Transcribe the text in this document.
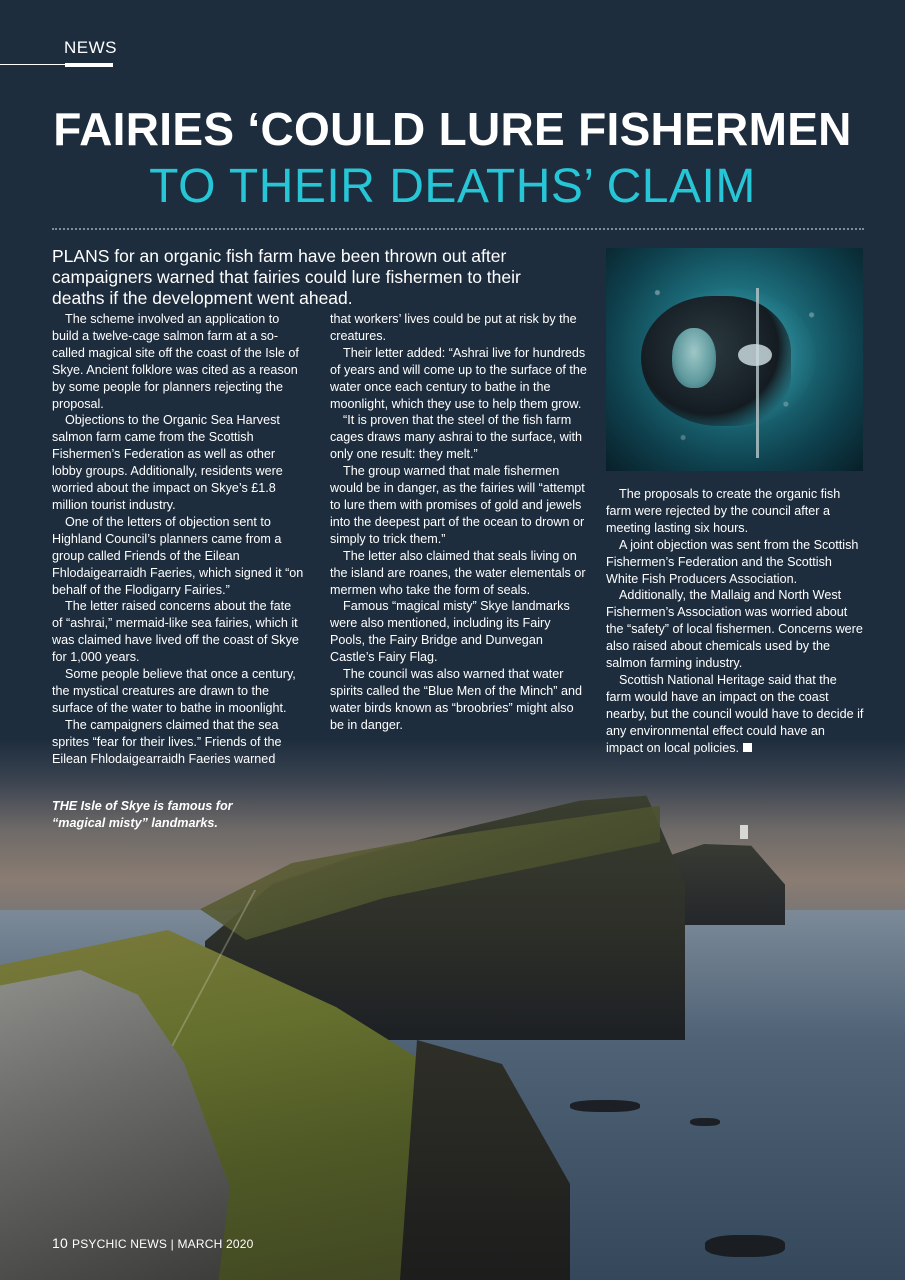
NEWS
FAIRIES ‘COULD LURE FISHERMEN
TO THEIR DEATHS’ CLAIM
PLANS for an organic fish farm have been thrown out after campaigners warned that fairies could lure fishermen to their deaths if the development went ahead.

The scheme involved an application to build a twelve-cage salmon farm at a so-called magical site off the coast of the Isle of Skye. Ancient folklore was cited as a reason by some people for planners rejecting the proposal.

Objections to the Organic Sea Harvest salmon farm came from the Scottish Fishermen’s Federation as well as other lobby groups. Additionally, residents were worried about the impact on Skye’s £1.8 million tourist industry.

One of the letters of objection sent to Highland Council’s planners came from a group called Friends of the Eilean Fhlodaigearraidh Faeries, which signed it “on behalf of the Flodigarry Fairies.”

The letter raised concerns about the fate of “ashrai,” mermaid-like sea fairies, which it was claimed have lived off the coast of Skye for 1,000 years.

Some people believe that once a century, the mystical creatures are drawn to the surface of the water to bathe in moonlight.

The campaigners claimed that the sea sprites “fear for their lives.” Friends of the Eilean Fhlodaigearraidh Faeries warned

that workers’ lives could be put at risk by the creatures.

Their letter added: “Ashrai live for hundreds of years and will come up to the surface of the water once each century to bathe in the moonlight, which they use to help them grow.

“It is proven that the steel of the fish farm cages draws many ashrai to the surface, with only one result: they melt.”

The group warned that male fishermen would be in danger, as the fairies will “attempt to lure them with promises of gold and jewels into the deepest part of the ocean to drown or simply to trick them.”

The letter also claimed that seals living on the island are roanes, the water elementals or mermen who take the form of seals.

Famous “magical misty” Skye landmarks were also mentioned, including its Fairy Pools, the Fairy Bridge and Dunvegan Castle’s Fairy Flag.

The council was also warned that water spirits called the “Blue Men of the Minch” and water birds known as “broobries” might also be in danger.

The proposals to create the organic fish farm were rejected by the council after a meeting lasting six hours.

A joint objection was sent from the Scottish Fishermen’s Federation and the Scottish White Fish Producers Association.

Additionally, the Mallaig and North West Fishermen’s Association was worried about the “safety” of local fishermen. Concerns were also raised about chemicals used by the salmon farming industry.

Scottish National Heritage said that the farm would have an impact on the coast nearby, but the council would have to decide if any environmental effect could have an impact on local policies.

THE Isle of Skye is famous for “magical misty” landmarks.
10 PSYCHIC NEWS | MARCH 2020
